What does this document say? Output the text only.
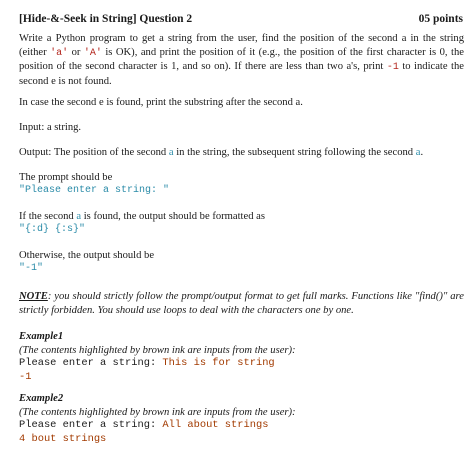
[Hide-&-Seek in String] Question 2	05 points
Write a Python program to get a string from the user, find the position of the second a in the string (either 'a' or 'A' is OK), and print the position of it (e.g., the position of the first character is 0, the position of the second character is 1, and so on). If there are less than two a's, print -1 to indicate the second e is not found.
In case the second e is found, print the substring after the second a.
Input: a string.
Output: The position of the second a in the string, the subsequent string following the second a.
The prompt should be
"Please enter a string: "
If the second a is found, the output should be formatted as
"{:d} {:s}"
Otherwise, the output should be
"-1"
NOTE: you should strictly follow the prompt/output format to get full marks. Functions like "find()" are strictly forbidden. You should use loops to deal with the characters one by one.
Example1
(The contents highlighted by brown ink are inputs from the user):
Please enter a string: This is for string
-1
Example2
(The contents highlighted by brown ink are inputs from the user):
Please enter a string: All about strings
4 bout strings
